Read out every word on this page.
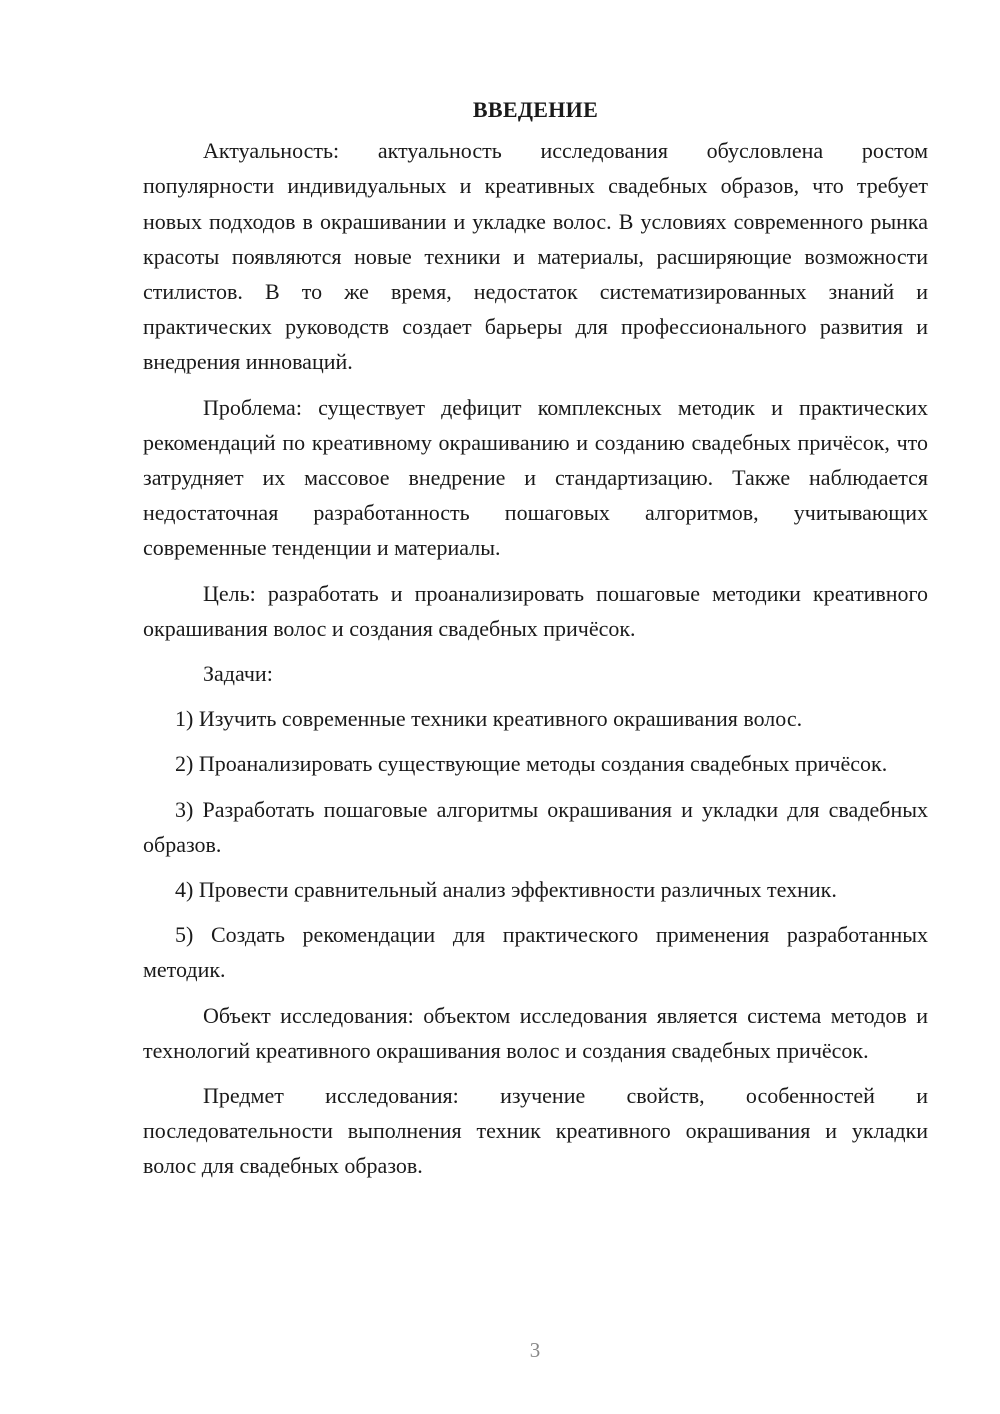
ВВЕДЕНИЕ

Актуальность: актуальность исследования обусловлена ростом популярности индивидуальных и креативных свадебных образов, что требует новых подходов в окрашивании и укладке волос. В условиях современного рынка красоты появляются новые техники и материалы, расширяющие возможности стилистов. В то же время, недостаток систематизированных знаний и практических руководств создает барьеры для профессионального развития и внедрения инноваций.

Проблема: существует дефицит комплексных методик и практических рекомендаций по креативному окрашиванию и созданию свадебных причёсок, что затрудняет их массовое внедрение и стандартизацию. Также наблюдается недостаточная разработанность пошаговых алгоритмов, учитывающих современные тенденции и материалы.

Цель: разработать и проанализировать пошаговые методики креативного окрашивания волос и создания свадебных причёсок.

Задачи:

1) Изучить современные техники креативного окрашивания волос.

2) Проанализировать существующие методы создания свадебных причёсок.

3) Разработать пошаговые алгоритмы окрашивания и укладки для свадебных образов.

4) Провести сравнительный анализ эффективности различных техник.

5) Создать рекомендации для практического применения разработанных методик.

Объект исследования: объектом исследования является система методов и технологий креативного окрашивания волос и создания свадебных причёсок.

Предмет исследования: изучение свойств, особенностей и последовательности выполнения техник креативного окрашивания и укладки волос для свадебных образов.

3
